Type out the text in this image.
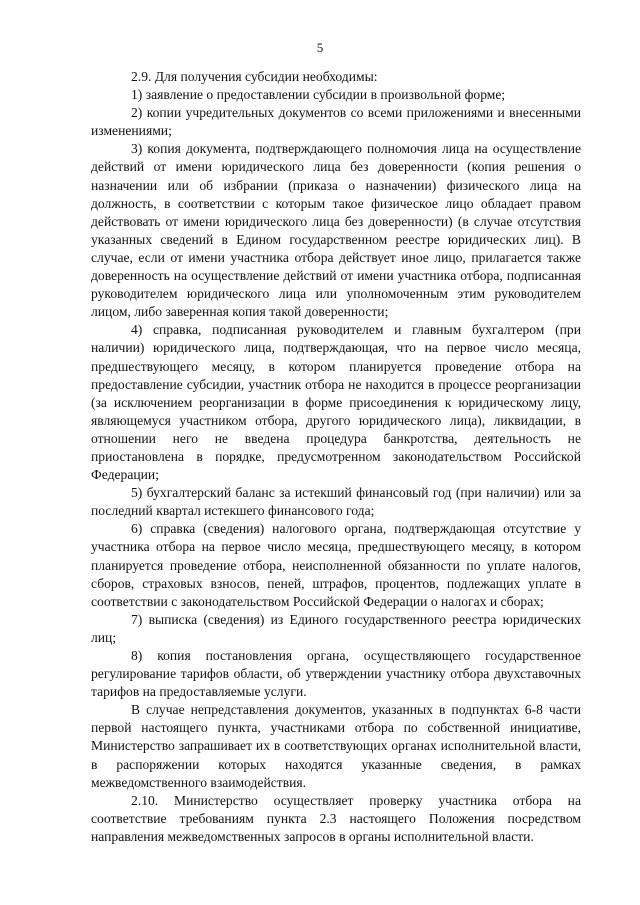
5

2.9. Для получения субсидии необходимы:

1) заявление о предоставлении субсидии в произвольной форме;

2) копии учредительных документов со всеми приложениями и внесенными изменениями;

3) копия документа, подтверждающего полномочия лица на осуществление действий от имени юридического лица без доверенности (копия решения о назначении или об избрании (приказа о назначении) физического лица на должность, в соответствии с которым такое физическое лицо обладает правом действовать от имени юридического лица без доверенности) (в случае отсутствия указанных сведений в Едином государственном реестре юридических лиц). В случае, если от имени участника отбора действует иное лицо, прилагается также доверенность на осуществление действий от имени участника отбора, подписанная руководителем юридического лица или уполномоченным этим руководителем лицом, либо заверенная копия такой доверенности;

4) справка, подписанная руководителем и главным бухгалтером (при наличии) юридического лица, подтверждающая, что на первое число месяца, предшествующего месяцу, в котором планируется проведение отбора на предоставление субсидии, участник отбора не находится в процессе реорганизации (за исключением реорганизации в форме присоединения к юридическому лицу, являющемуся участником отбора, другого юридического лица), ликвидации, в отношении него не введена процедура банкротства, деятельность не приостановлена в порядке, предусмотренном законодательством Российской Федерации;

5) бухгалтерский баланс за истекший финансовый год (при наличии) или за последний квартал истекшего финансового года;

6) справка (сведения) налогового органа, подтверждающая отсутствие у участника отбора на первое число месяца, предшествующего месяцу, в котором планируется проведение отбора, неисполненной обязанности по уплате налогов, сборов, страховых взносов, пеней, штрафов, процентов, подлежащих уплате в соответствии с законодательством Российской Федерации о налогах и сборах;

7) выписка (сведения) из Единого государственного реестра юридических лиц;

8) копия постановления органа, осуществляющего государственное регулирование тарифов области, об утверждении участнику отбора двухставочных тарифов на предоставляемые услуги.

В случае непредставления документов, указанных в подпунктах 6-8 части первой настоящего пункта, участниками отбора по собственной инициативе, Министерство запрашивает их в соответствующих органах исполнительной власти, в распоряжении которых находятся указанные сведения, в рамках межведомственного взаимодействия.

2.10. Министерство осуществляет проверку участника отбора на соответствие требованиям пункта 2.3 настоящего Положения посредством направления межведомственных запросов в органы исполнительной власти.
